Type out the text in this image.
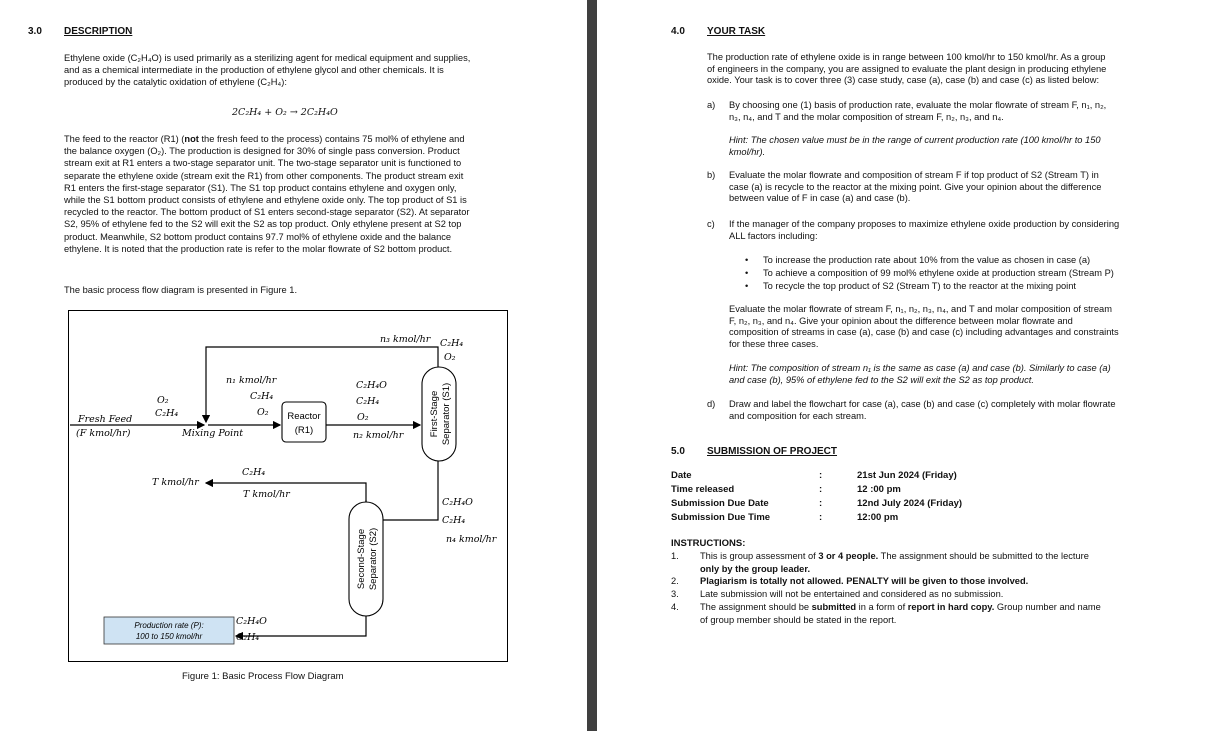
3.0 DESCRIPTION
Ethylene oxide (C₂H₄O) is used primarily as a sterilizing agent for medical equipment and supplies,
and as a chemical intermediate in the production of ethylene glycol and other chemicals. It is
produced by the catalytic oxidation of ethylene (C₂H₄):
2C₂H₄ + O₂ → 2C₂H₄O
The feed to the reactor (R1) (not the fresh feed to the process) contains 75 mol% of ethylene and
the balance oxygen (O₂). The production is designed for 30% of single pass conversion. Product
stream exit at R1 enters a two-stage separator unit. The two-stage separator unit is functioned to
separate the ethylene oxide (stream exit the R1) from other components. The product stream exit
R1 enters the first-stage separator (S1). The S1 top product contains ethylene and oxygen only,
while the S1 bottom product consists of ethylene and ethylene oxide only. The top product of S1 is
recycled to the reactor. The bottom product of S1 enters second-stage separator (S2). At separator
S2, 95% of ethylene fed to the S2 will exit the S2 as top product. Only ethylene present at S2 top
product. Meanwhile, S2 bottom product contains 97.7 mol% of ethylene oxide and the balance
ethylene. It is noted that the production rate is refer to the molar flowrate of S2 bottom product.
The basic process flow diagram is presented in Figure 1.
Reactor
(R1)	First-Stage Separator (S1)
Second-Stage Separator (S2)
Production rate (P):
100 to 150 kmol/hr
n₃ kmol/hr C₂H₄
O₂
n₁ kmol/hr
C₂H₄
O₂
O₂
C₂H₄
Fresh Feed
(F kmol/hr)	Mixing Point
C₂H₄O
C₂H₄
O₂
n₂ kmol/hr
T kmol/hr
C₂H₄
T kmol/hr
C₂H₄O
C₂H₄
n₄ kmol/hr
C₂H₄O
C₂H₄
Figure 1: Basic Process Flow Diagram
4.0 YOUR TASK
The production rate of ethylene oxide is in range between 100 kmol/hr to 150 kmol/hr. As a group
of engineers in the company, you are assigned to evaluate the plant design in producing ethylene
oxide. Your task is to cover three (3) case study, case (a), case (b) and case (c) as listed below:
a) By choosing one (1) basis of production rate, evaluate the molar flowrate of stream F, n₁, n₂,
n₃, n₄, and T and the molar composition of stream F, n₂, n₃, and n₄.
Hint: The chosen value must be in the range of current production rate (100 kmol/hr to 150
kmol/hr).
b) Evaluate the molar flowrate and composition of stream F if top product of S2 (Stream T) in
case (a) is recycle to the reactor at the mixing point. Give your opinion about the difference
between value of F in case (a) and case (b).
c) If the manager of the company proposes to maximize ethylene oxide production by considering
ALL factors including:
• To increase the production rate about 10% from the value as chosen in case (a)
• To achieve a composition of 99 mol% ethylene oxide at production stream (Stream P)
• To recycle the top product of S2 (Stream T) to the reactor at the mixing point
Evaluate the molar flowrate of stream F, n₁, n₂, n₃, n₄, and T and molar composition of stream
F, n₂, n₃, and n₄. Give your opinion about the difference between molar flowrate and
composition of streams in case (a), case (b) and case (c) including advantages and constraints
for these three cases.
Hint: The composition of stream n₁ is the same as case (a) and case (b). Similarly to case (a)
and case (b), 95% of ethylene fed to the S2 will exit the S2 as top product.
d) Draw and label the flowchart for case (a), case (b) and case (c) completely with molar flowrate
and composition for each stream.
5.0 SUBMISSION OF PROJECT
Date	:	21st Jun 2024 (Friday)
Time released	:	12 :00 pm
Submission Due Date	:	12nd July 2024 (Friday)
Submission Due Time	:	12:00 pm
INSTRUCTIONS:
1. This is group assessment of 3 or 4 people. The assignment should be submitted to the lecture
only by the group leader.
2. Plagiarism is totally not allowed. PENALTY will be given to those involved.
3. Late submission will not be entertained and considered as no submission.
4. The assignment should be submitted in a form of report in hard copy. Group number and name
of group member should be stated in the report.
